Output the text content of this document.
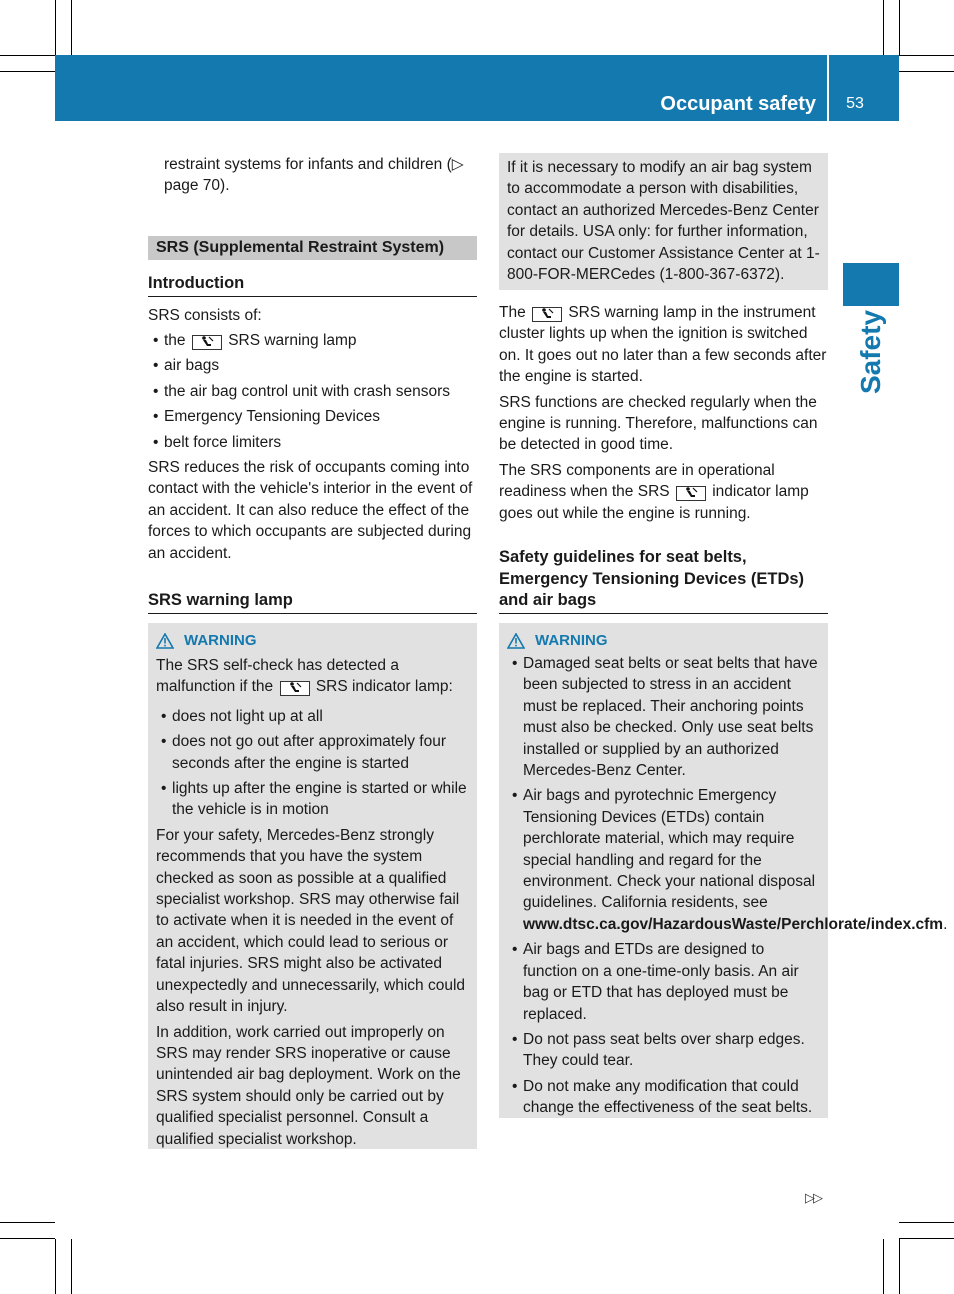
Occupant safety	53
Safety

restraint systems for infants and children (▷ page 70).

SRS (Supplemental Restraint System)
Introduction

SRS consists of:

• the	SRS warning lamp
• air bags
• the air bag control unit with crash sensors
• Emergency Tensioning Devices
• belt force limiters

SRS reduces the risk of occupants coming into contact with the vehicle's interior in the event of an accident. It can also reduce the effect of the forces to which occupants are subjected during an accident.

SRS warning lamp
WARNING

The SRS self-check has detected a malfunction if the	SRS indicator lamp:

• does not light up at all
• does not go out after approximately four seconds after the engine is started
• lights up after the engine is started or while the vehicle is in motion

For your safety, Mercedes-Benz strongly recommends that you have the system checked as soon as possible at a qualified specialist workshop. SRS may otherwise fail to activate when it is needed in the event of an accident, which could lead to serious or fatal injuries. SRS might also be activated unexpectedly and unnecessarily, which could also result in injury.

In addition, work carried out improperly on SRS may render SRS inoperative or cause unintended air bag deployment. Work on the SRS system should only be carried out by qualified specialist personnel. Consult a qualified specialist workshop.

If it is necessary to modify an air bag system to accommodate a person with disabilities, contact an authorized Mercedes-Benz Center for details. USA only: for further information, contact our Customer Assistance Center at 1-800-FOR-MERCedes (1-800-367-6372).

The	SRS warning lamp in the instrument cluster lights up when the ignition is switched on. It goes out no later than a few seconds after the engine is started.

SRS functions are checked regularly when the engine is running. Therefore, malfunctions can be detected in good time.

The SRS components are in operational readiness when the SRS	indicator lamp goes out while the engine is running.

Safety guidelines for seat belts, Emergency Tensioning Devices (ETDs) and air bags
WARNING
• Damaged seat belts or seat belts that have been subjected to stress in an accident must be replaced. Their anchoring points must also be checked. Only use seat belts installed or supplied by an authorized Mercedes-Benz Center.
• Air bags and pyrotechnic Emergency Tensioning Devices (ETDs) contain perchlorate material, which may require special handling and regard for the environment. Check your national disposal guidelines. California residents, see www.dtsc.ca.gov/HazardousWaste/Perchlorate/index.cfm.
• Air bags and ETDs are designed to function on a one-time-only basis. An air bag or ETD that has deployed must be replaced.
• Do not pass seat belts over sharp edges. They could tear.
• Do not make any modification that could change the effectiveness of the seat belts.
▷▷
